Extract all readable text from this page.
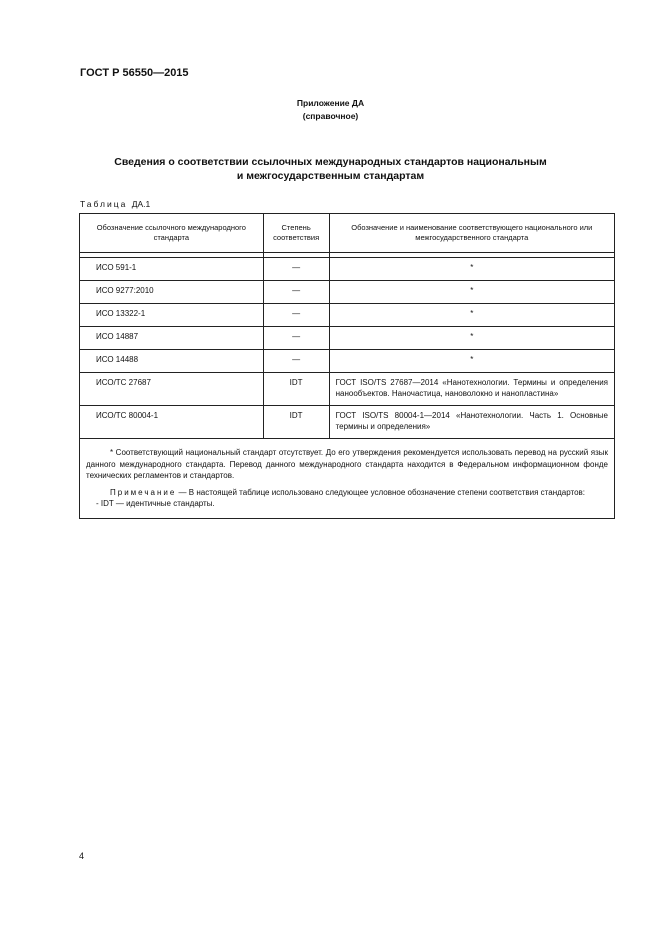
ГОСТ Р 56550—2015
Приложение ДА
(справочное)
Сведения о соответствии ссылочных международных стандартов национальным
и межгосударственным стандартам
Таблица ДА.1
Обозначение ссылочного международного стандарта	Степень соответствия	Обозначение и наименование соответствующего национального или межгосударственного стандарта

ИСО 591-1	—	*
ИСО 9277:2010	—	*
ИСО 13322-1	—	*
ИСО 14887	—	*
ИСО 14488	—	*
ИСО/ТС 27687	IDT	ГОСТ ISO/TS 27687—2014 «Нанотехнологии. Термины и определения нанообъектов. Наночастица, нановолокно и нанопластина»
ИСО/ТС 80004-1	IDT	ГОСТ ISO/TS 80004-1—2014 «Нанотехнологии. Часть 1. Основные термины и определения»

* Соответствующий национальный стандарт отсутствует. До его утверждения рекомендуется использовать перевод на русский язык данного международного стандарта. Перевод данного международного стандарта находится в Федеральном информационном фонде технических регламентов и стандартов.

Примечание — В настоящей таблице использовано следующее условное обозначение степени соответствия стандартов:

- IDT — идентичные стандарты.		

4
